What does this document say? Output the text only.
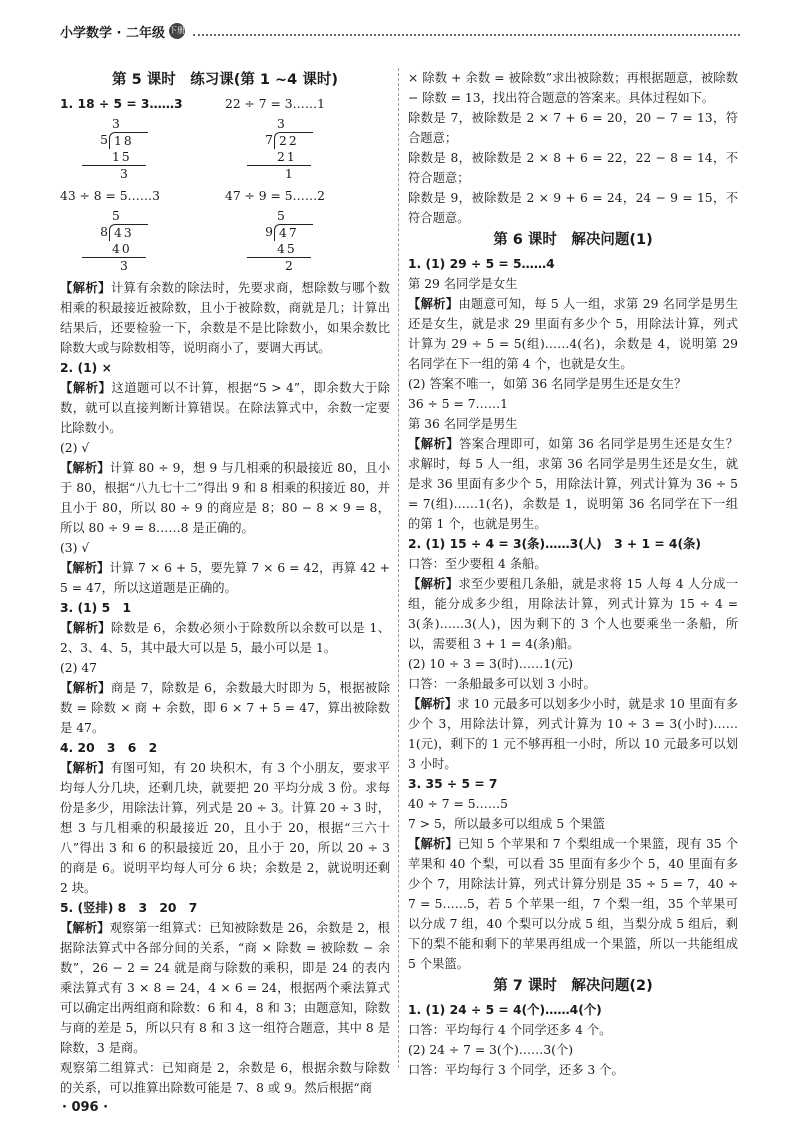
小学数学 · 二年级 下册
第 5 课时　练习课(第 1 ~4 课时)
1. 18 ÷ 5 = 3……3	22 ÷ 7 = 3……1
3
5 18
15
3
3
7 22
21
1
43 ÷ 8 = 5……3	47 ÷ 9 = 5……2
5
8 43
40
3
5
9 47
45
2

【解析】计算有余数的除法时，先要求商，想除数与哪个数相乘的积最接近被除数，且小于被除数，商就是几；计算出结果后，还要检验一下，余数是不是比除数小，如果余数比除数大或与除数相等，说明商小了，要调大再试。

2. (1) ×

【解析】这道题可以不计算，根据“5 > 4”，即余数大于除数，就可以直接判断计算错误。在除法算式中，余数一定要比除数小。

(2) √

【解析】计算 80 ÷ 9，想 9 与几相乘的积最接近 80，且小于 80，根据“八九七十二”得出 9 和 8 相乘的积接近 80，并且小于 80，所以 80 ÷ 9 的商应是 8；80 − 8 × 9 = 8，所以 80 ÷ 9 = 8……8 是正确的。

(3) √

【解析】计算 7 × 6 + 5，要先算 7 × 6 = 42，再算 42 + 5 = 47，所以这道题是正确的。

3. (1) 5　1

【解析】除数是 6，余数必须小于除数所以余数可以是 1、2、3、4、5，其中最大可以是 5，最小可以是 1。

(2) 47

【解析】商是 7，除数是 6，余数最大时即为 5，根据被除数 = 除数 × 商 + 余数，即 6 × 7 + 5 = 47，算出被除数是 47。

4. 20　3　6　2

【解析】有图可知，有 20 块积木，有 3 个小朋友，要求平均每人分几块，还剩几块，就要把 20 平均分成 3 份。求每份是多少，用除法计算，列式是 20 ÷ 3。计算 20 ÷ 3 时，想 3 与几相乘的积最接近 20，且小于 20，根据“三六十八”得出 3 和 6 的积最接近 20，且小于 20，所以 20 ÷ 3 的商是 6。说明平均每人可分 6 块；余数是 2，就说明还剩 2 块。

5. (竖排) 8　3　20　7

【解析】观察第一组算式：已知被除数是 26，余数是 2，根据除法算式中各部分间的关系，“商 × 除数 = 被除数 − 余数”，26 − 2 = 24 就是商与除数的乘积，即是 24 的表内乘法算式有 3 × 8 = 24，4 × 6 = 24，根据两个乘法算式可以确定出两组商和除数：6 和 4，8 和 3；由题意知，除数与商的差是 5，所以只有 8 和 3 这一组符合题意，其中 8 是除数，3 是商。

观察第二组算式：已知商是 2，余数是 6，根据余数与除数的关系，可以推算出除数可能是 7、8 或 9。然后根据“商

× 除数 + 余数 = 被除数”求出被除数；再根据题意，被除数 − 除数 = 13，找出符合题意的答案来。具体过程如下。

除数是 7，被除数是 2 × 7 + 6 = 20，20 − 7 = 13，符合题意；

除数是 8，被除数是 2 × 8 + 6 = 22，22 − 8 = 14，不符合题意；

除数是 9，被除数是 2 × 9 + 6 = 24，24 − 9 = 15，不符合题意。

第 6 课时　解决问题(1)

1. (1) 29 ÷ 5 = 5……4

第 29 名同学是女生

【解析】由题意可知，每 5 人一组，求第 29 名同学是男生还是女生，就是求 29 里面有多少个 5，用除法计算，列式计算为 29 ÷ 5 = 5(组)……4(名)，余数是 4，说明第 29 名同学在下一组的第 4 个，也就是女生。

(2) 答案不唯一，如第 36 名同学是男生还是女生？

36 ÷ 5 = 7……1

第 36 名同学是男生

【解析】答案合理即可，如第 36 名同学是男生还是女生？求解时，每 5 人一组，求第 36 名同学是男生还是女生，就是求 36 里面有多少个 5，用除法计算，列式计算为 36 ÷ 5 = 7(组)……1(名)，余数是 1，说明第 36 名同学在下一组的第 1 个，也就是男生。

2. (1) 15 ÷ 4 = 3(条)……3(人)　3 + 1 = 4(条)

口答：至少要租 4 条船。

【解析】求至少要租几条船，就是求将 15 人每 4 人分成一组，能分成多少组，用除法计算，列式计算为 15 ÷ 4 = 3(条)……3(人)，因为剩下的 3 个人也要乘坐一条船，所以，需要租 3 + 1 = 4(条)船。

(2) 10 ÷ 3 = 3(时)……1(元)

口答：一条船最多可以划 3 小时。

【解析】求 10 元最多可以划多少小时，就是求 10 里面有多少个 3，用除法计算，列式计算为 10 ÷ 3 = 3(小时)……1(元)，剩下的 1 元不够再租一小时，所以 10 元最多可以划 3 小时。

3. 35 ÷ 5 = 7

40 ÷ 7 = 5……5

7 > 5，所以最多可以组成 5 个果篮

【解析】已知 5 个苹果和 7 个梨组成一个果篮，现有 35 个苹果和 40 个梨，可以看 35 里面有多少个 5，40 里面有多少个 7，用除法计算，列式计算分别是 35 ÷ 5 = 7，40 ÷ 7 = 5……5，若 5 个苹果一组，7 个梨一组，35 个苹果可以分成 7 组，40 个梨可以分成 5 组，当梨分成 5 组后，剩下的梨不能和剩下的苹果再组成一个果篮，所以一共能组成 5 个果篮。

第 7 课时　解决问题(2)

1. (1) 24 ÷ 5 = 4(个)……4(个)

口答：平均每行 4 个同学还多 4 个。

(2) 24 ÷ 7 = 3(个)……3(个)

口答：平均每行 3 个同学，还多 3 个。

· 096 ·
